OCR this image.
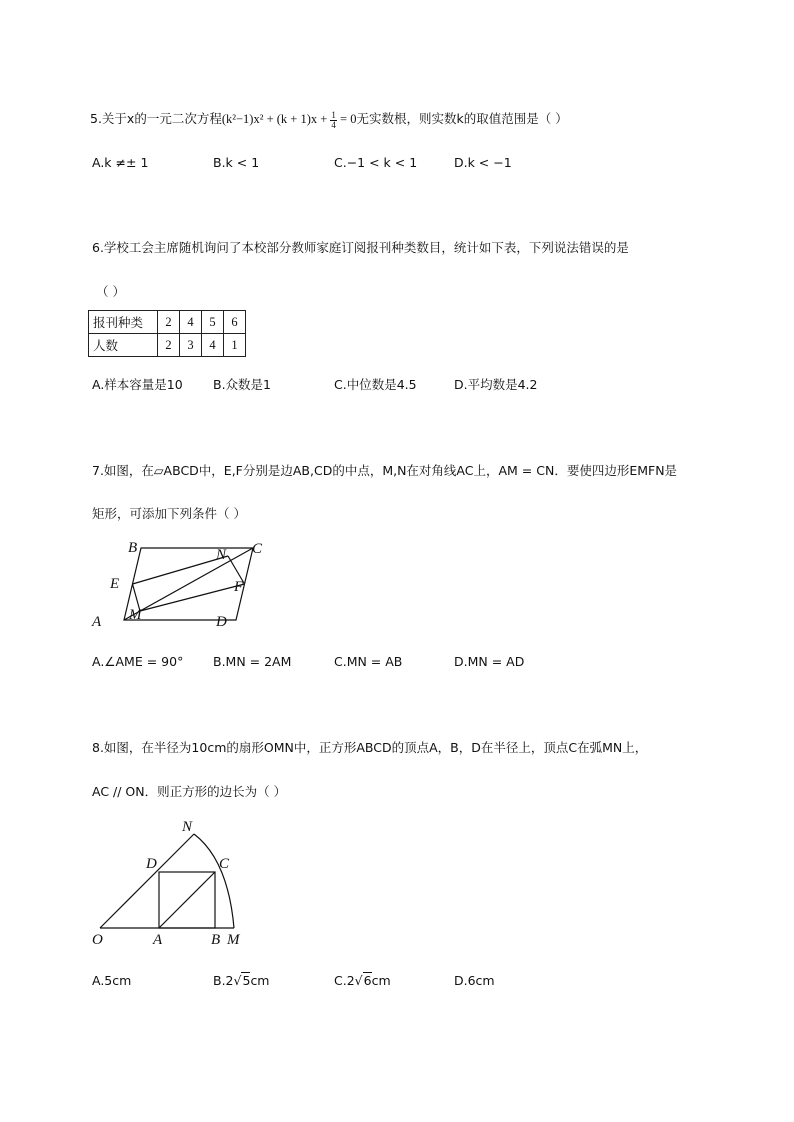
5.关于x的一元二次方程$(k^2-1)x^2 + (k + 1)x + \frac{1}{4} = 0$无实数根，则实数k的取值范围是（ ）
A.k ≠± 1	B.k < 1	C.−1 < k < 1	D.k < −1
6.学校工会主席随机询问了本校部分教师家庭订阅报刊种类数目，统计如下表，下列说法错误的是
（ ）
报刊种类	2	4	5	6
人数	2	3	4	1
A.样本容量是10 B.众数是1	C.中位数是4.5	D.平均数是4.2
7.如图，在▱ABCD中，E,F分别是边AB,CD的中点，M,N在对角线AC上，AM = CN．要使四边形EMFN是
矩形，可添加下列条件（ ）
B	N C
E	F
A M	D
A.∠AME = 90° B.MN = 2AM	C.MN = AB	D.MN = AD
8.如图，在半径为10cm的扇形OMN中，正方形ABCD的顶点A，B，D在半径上，顶点C在弧MN上，
AC // ON．则正方形的边长为（ ）
N
D	C
O	A	B M
A.5cm	B.2√5cm	C.2√6cm	D.6cm
